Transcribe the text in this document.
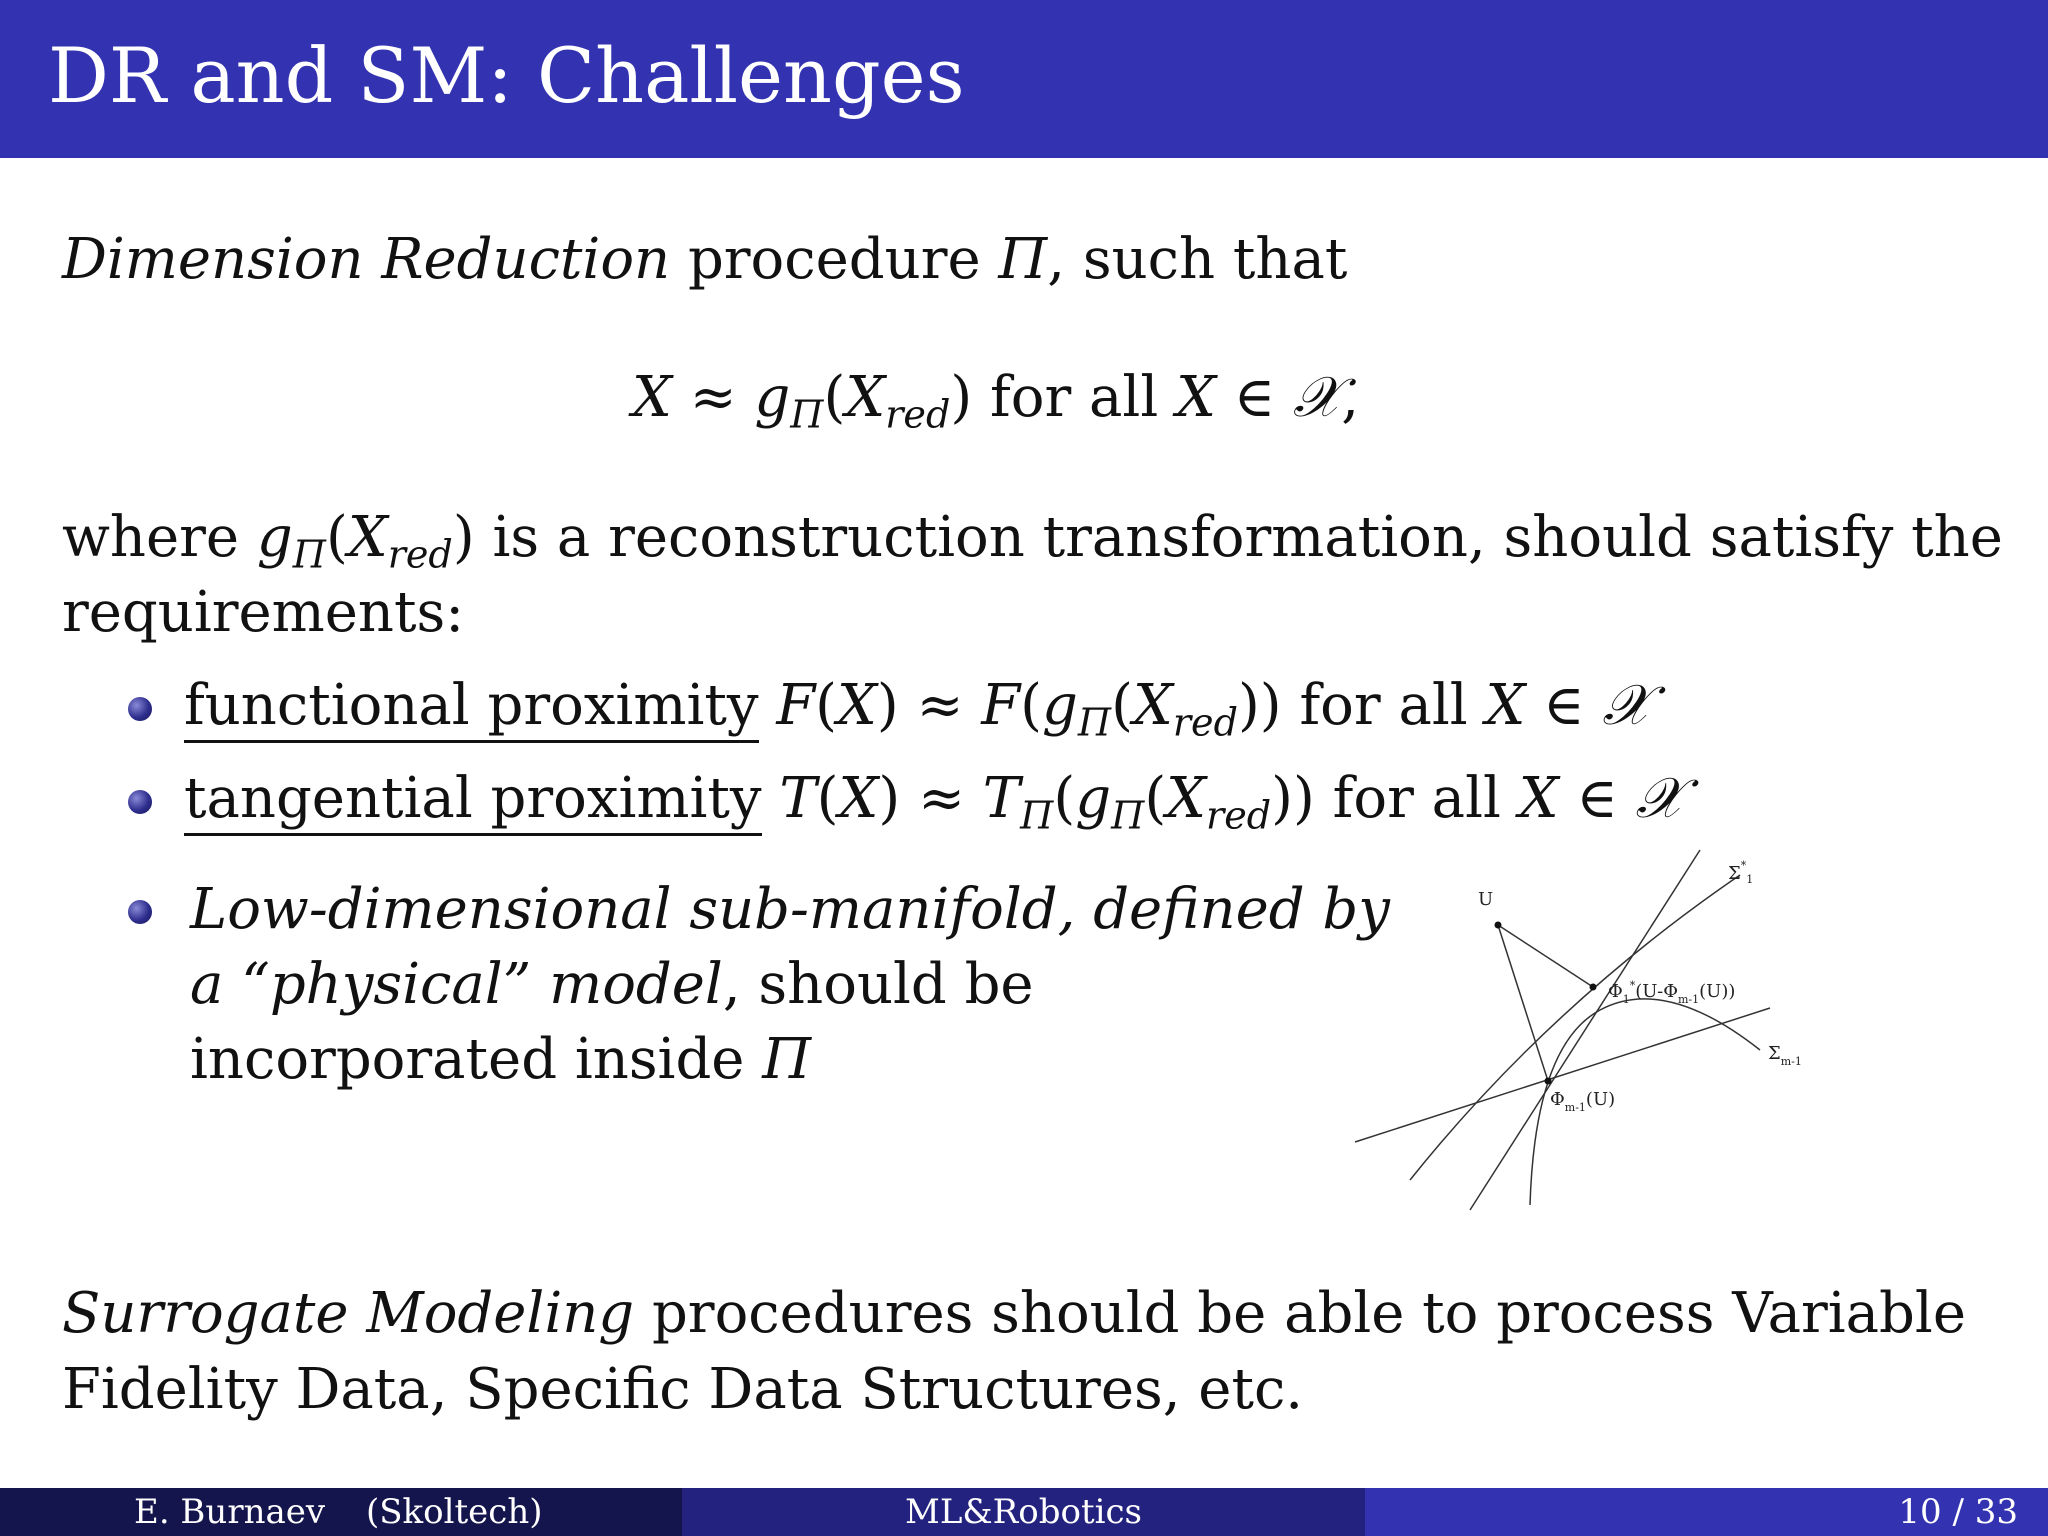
DR and SM: Challenges
Dimension Reduction procedure Π, such that
$X \approx g_\Pi(X_{red})$ for all X ∈ 𝒳,
where $g_\Pi(X_{red})$ is a reconstruction transformation, should satisfy the
requirements:
functional proximity $F(X) \approx F(g_\Pi(X_{red}))$ for all X ∈ 𝒳
tangential proximity $T(X) \approx T_\Pi(g_\Pi(X_{red}))$ for all X ∈ 𝒳
Low-dimensional sub-manifold, defined by
a “physical” model, should be
incorporated inside Π
U
$\Sigma^*_1$
$\Phi_1^*(U-\Phi_{m-1}(U))$
$\Sigma_{m-1}$
$\Phi_{m-1}(U)$
Surrogate Modeling procedures should be able to process Variable
Fidelity Data, Specific Data Structures, etc.
E. Burnaev (Skoltech)	ML&Robotics	10 / 33
